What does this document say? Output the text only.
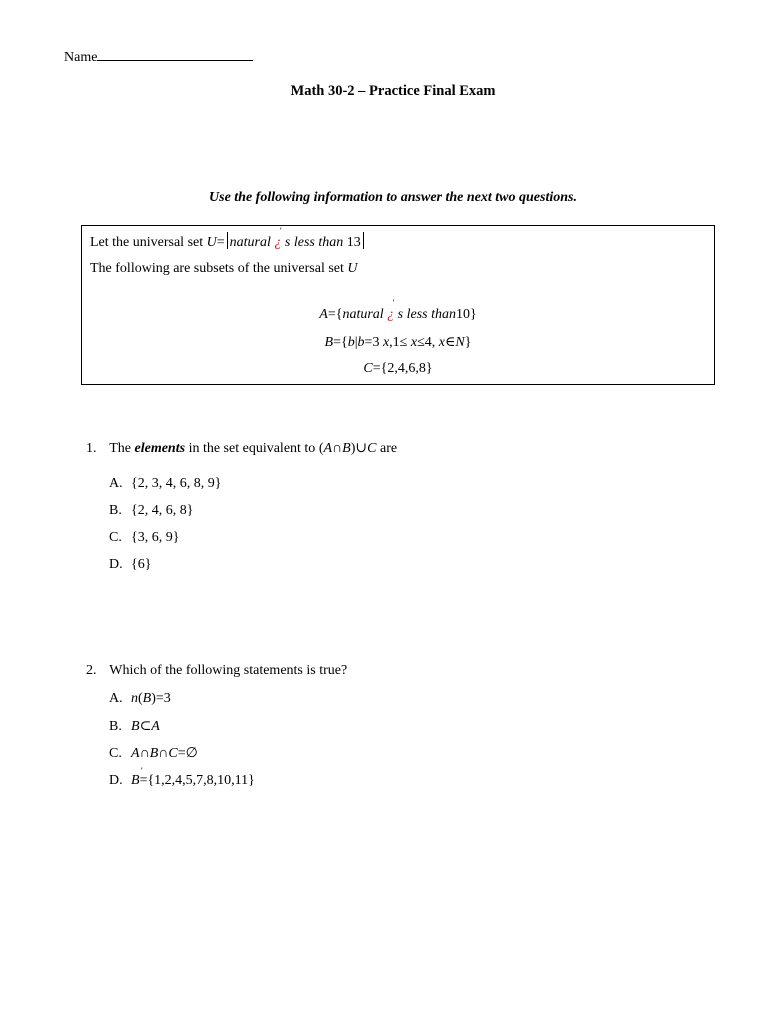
Name
Math 30-2 – Practice Final Exam
Use the following information to answer the next two questions.
Let the universal set U= natural ¿ ' s less than 13
The following are subsets of the universal set U
A={natural ¿ ' s less than10}
B={b|b=3 x,1≤ x≤4, x∈N}
C={2,4,6,8}
1. The elements in the set equivalent to (A∩B)∪C are
A. {2, 3, 4, 6, 8, 9}
B. {2, 4, 6, 8}
C. {3, 6, 9}
D. {6}
2. Which of the following statements is true?
A. n(B)=3
B. B⊂A
C. A∩B∩C=∅
D. B '={1,2,4,5,7,8,10,11}
